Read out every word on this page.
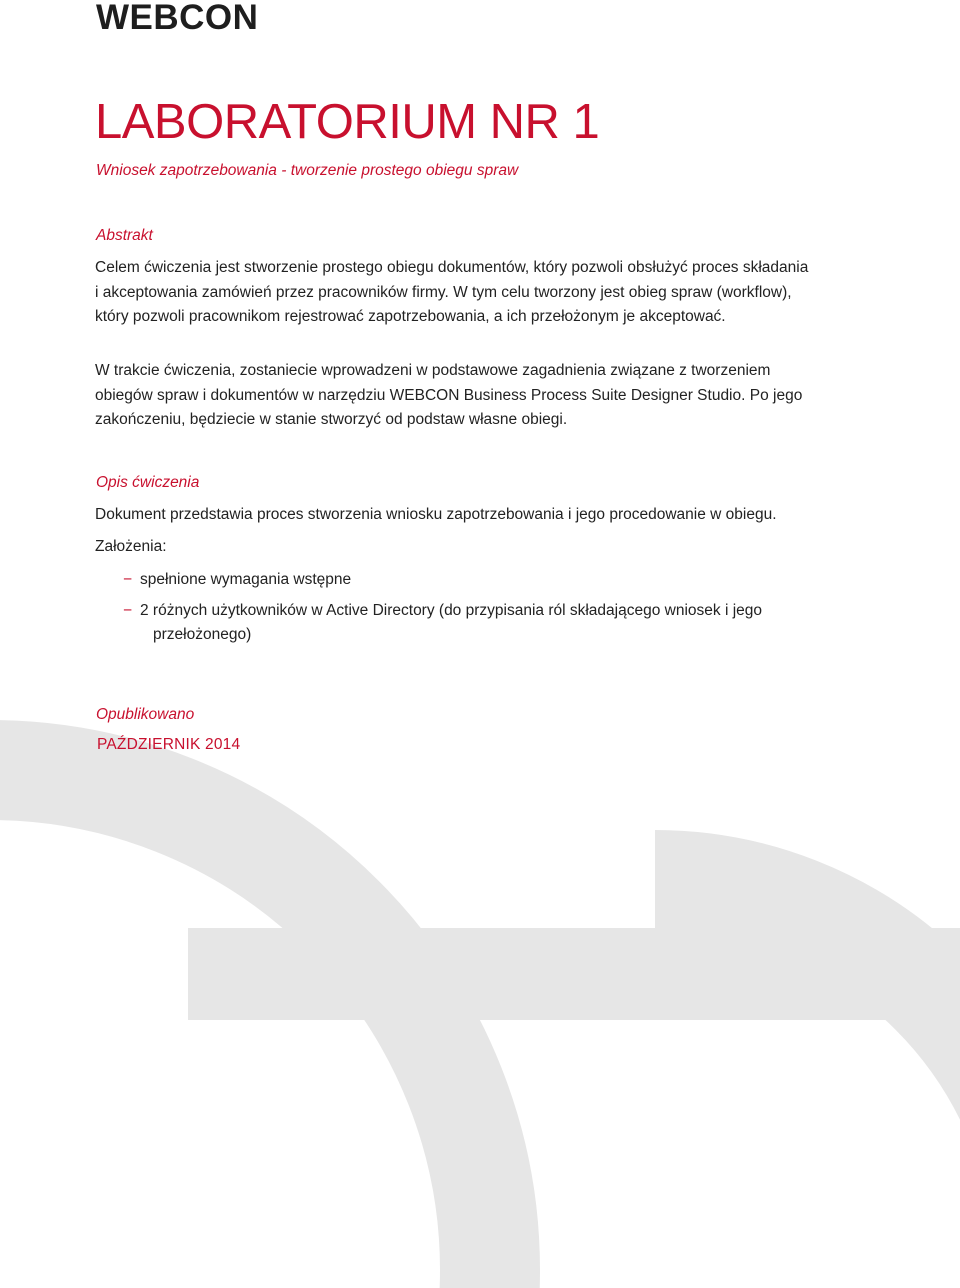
WEBCON
LABORATORIUM NR 1
Wniosek zapotrzebowania - tworzenie prostego obiegu spraw
Abstrakt
Celem ćwiczenia jest stworzenie prostego obiegu dokumentów, który pozwoli obsłużyć proces składania i akceptowania zamówień przez pracowników firmy. W tym celu tworzony jest obieg spraw (workflow), który pozwoli pracownikom rejestrować zapotrzebowania, a ich przełożonym je akceptować.
W trakcie ćwiczenia, zostaniecie wprowadzeni w podstawowe zagadnienia związane z tworzeniem obiegów spraw i dokumentów w narzędziu WEBCON Business Process Suite Designer Studio. Po jego zakończeniu, będziecie w stanie stworzyć od podstaw własne obiegi.
Opis ćwiczenia
Dokument przedstawia proces stworzenia wniosku zapotrzebowania i jego procedowanie w obiegu.
Założenia:
− spełnione wymagania wstępne
− 2 różnych użytkowników w Active Directory (do przypisania ról składającego wniosek i jego
przełożonego)
Opublikowano
PAŹDZIERNIK 2014
